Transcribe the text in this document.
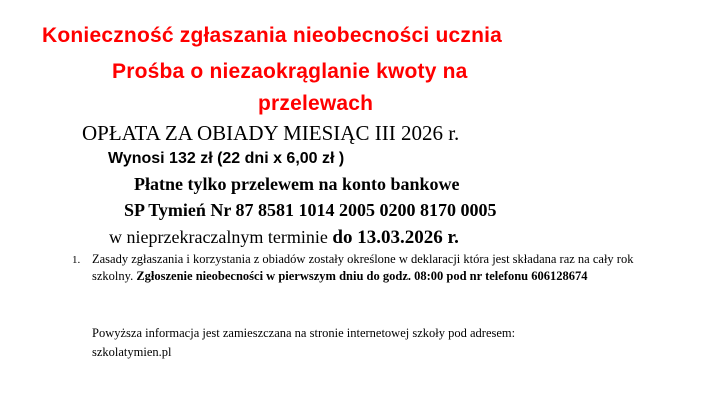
Konieczność zgłaszania nieobecności ucznia
Prośba o niezaokrąglanie kwoty na
przelewach
OPŁATA ZA OBIADY MIESIĄC III 2026 r.
Wynosi 132 zł (22 dni x 6,00 zł )
Płatne tylko przelewem na konto bankowe
SP Tymień Nr 87 8581 1014 2005 0200 8170 0005
w nieprzekraczalnym terminie do 13.03.2026 r.
1. Zasady zgłaszania i korzystania z obiadów zostały określone w deklaracji która jest składana raz na cały rok szkolny. Zgłoszenie nieobecności w pierwszym dniu do godz. 08:00 pod nr telefonu 606128674
Powyższa informacja jest zamieszczana na stronie internetowej szkoły pod adresem:
szkolatymien.pl
